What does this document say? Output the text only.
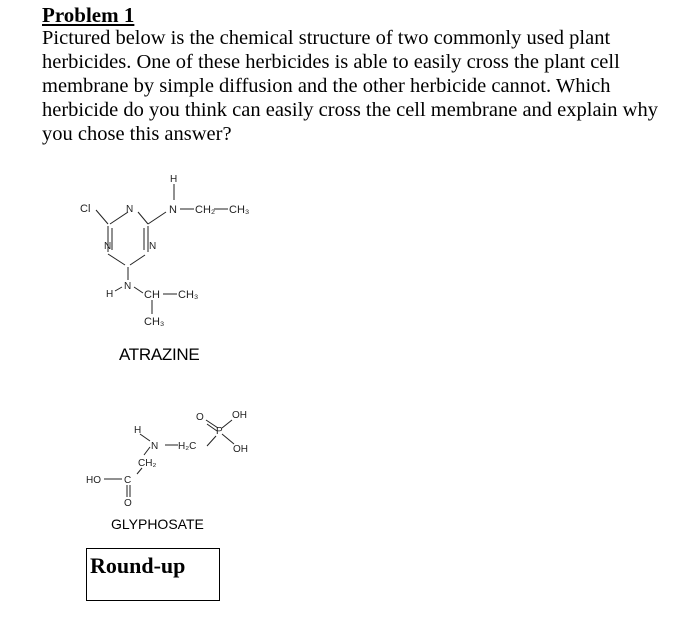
Problem 1

Pictured below is the chemical structure of two commonly used plant herbicides. One of these herbicides is able to easily cross the plant cell membrane by simple diffusion and the other herbicide cannot. Which herbicide do you think can easily cross the cell membrane and explain why you chose this answer?

Cl	N
N	N
H
N CH₂ CH₃
H
N
CH CH₃
CH₃
O	OH
P
OH
H
N H₂C
CH₂
HO C
O
ATRAZINE
GLYPHOSATE
Round-up
